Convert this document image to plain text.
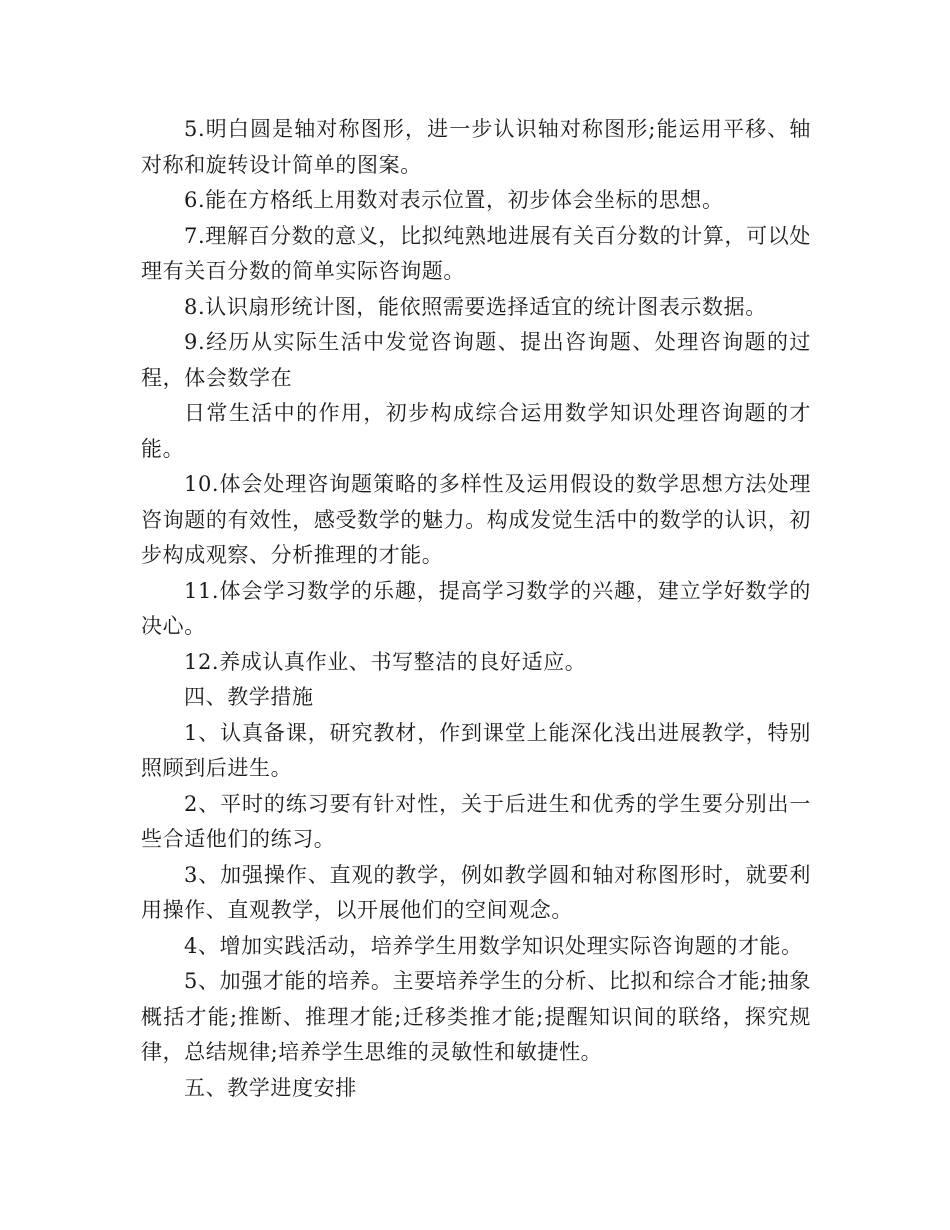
5.明白圆是轴对称图形，进一步认识轴对称图形;能运用平移、轴对称和旋转设计简单的图案。

6.能在方格纸上用数对表示位置，初步体会坐标的思想。

7.理解百分数的意义，比拟纯熟地进展有关百分数的计算，可以处理有关百分数的简单实际咨询题。

8.认识扇形统计图，能依照需要选择适宜的统计图表示数据。

9.经历从实际生活中发觉咨询题、提出咨询题、处理咨询题的过程，体会数学在

日常生活中的作用，初步构成综合运用数学知识处理咨询题的才能。

10.体会处理咨询题策略的多样性及运用假设的数学思想方法处理咨询题的有效性，感受数学的魅力。构成发觉生活中的数学的认识，初步构成观察、分析推理的才能。

11.体会学习数学的乐趣，提高学习数学的兴趣，建立学好数学的决心。

12.养成认真作业、书写整洁的良好适应。

四、教学措施

1、认真备课，研究教材，作到课堂上能深化浅出进展教学，特别照顾到后进生。

2、平时的练习要有针对性，关于后进生和优秀的学生要分别出一些合适他们的练习。

3、加强操作、直观的教学，例如教学圆和轴对称图形时，就要利用操作、直观教学，以开展他们的空间观念。

4、增加实践活动，培养学生用数学知识处理实际咨询题的才能。

5、加强才能的培养。主要培养学生的分析、比拟和综合才能;抽象概括才能;推断、推理才能;迁移类推才能;提醒知识间的联络，探究规律，总结规律;培养学生思维的灵敏性和敏捷性。

五、教学进度安排
